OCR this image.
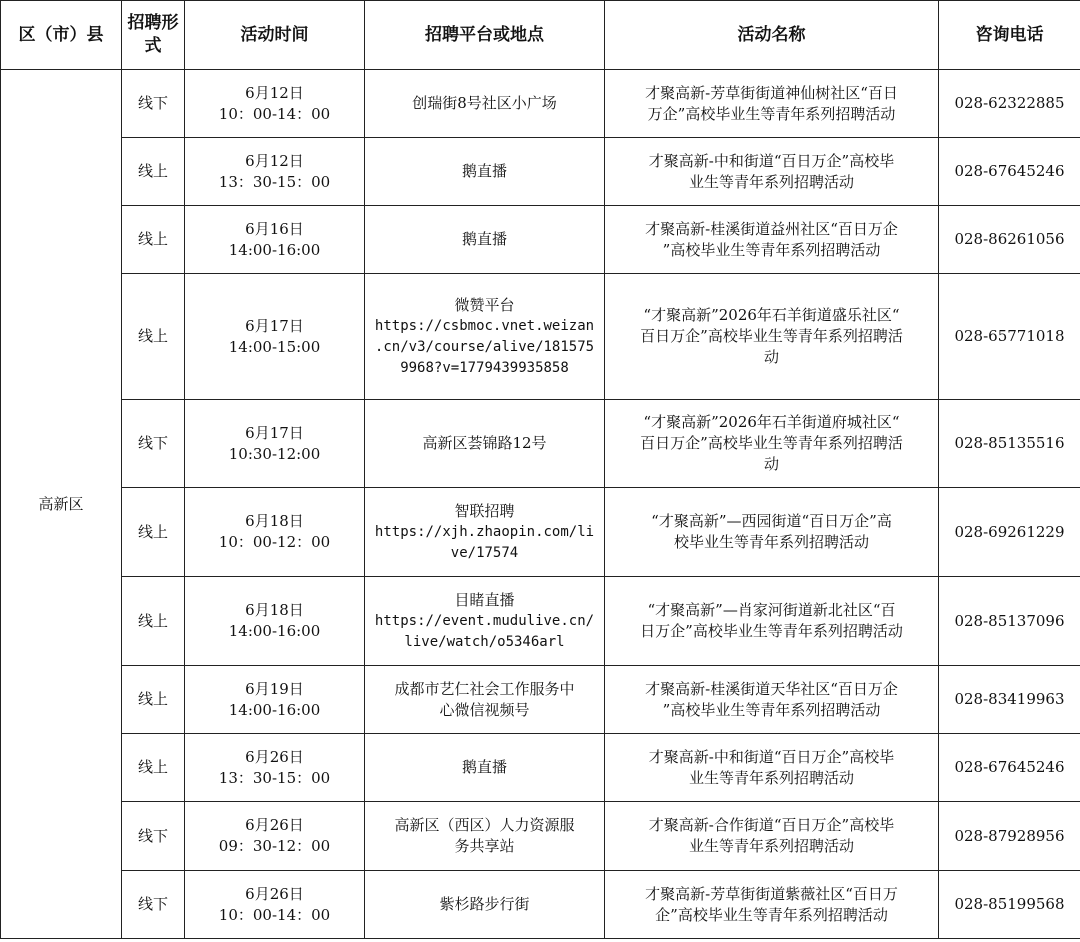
区（市）县	招聘形式	活动时间	招聘平台或地点	活动名称	咨询电话
高新区	线下	6月12日
10：00-14：00	创瑞街8号社区小广场	才聚高新-芳草街街道神仙树社区“百日
万企”高校毕业生等青年系列招聘活动	028-62322885
	线上	6月12日
13：30-15：00	鹅直播	才聚高新-中和街道“百日万企”高校毕
业生等青年系列招聘活动	028-67645246
	线上	6月16日
14:00-16:00	鹅直播	才聚高新-桂溪街道益州社区“百日万企
”高校毕业生等青年系列招聘活动	028-86261056
	线上	6月17日
14:00-15:00	微赞平台
https://csbmoc.vnet.weizan
.cn/v3/course/alive/181575
9968?v=1779439935858	“才聚高新”2026年石羊街道盛乐社区“
百日万企”高校毕业生等青年系列招聘活
动	028-65771018
	线下	6月17日
10:30-12:00	高新区荟锦路12号	“才聚高新”2026年石羊街道府城社区“
百日万企”高校毕业生等青年系列招聘活
动	028-85135516
	线上	6月18日
10：00-12：00	智联招聘
https://xjh.zhaopin.com/li
ve/17574	“才聚高新”—西园街道“百日万企”高
校毕业生等青年系列招聘活动	028-69261229
	线上	6月18日
14:00-16:00	目睹直播
https://event.mudulive.cn/
live/watch/o5346arl	“才聚高新”—肖家河街道新北社区“百
日万企”高校毕业生等青年系列招聘活动	028-85137096
	线上	6月19日
14:00-16:00	成都市艺仁社会工作服务中
心微信视频号	才聚高新-桂溪街道天华社区“百日万企
”高校毕业生等青年系列招聘活动	028-83419963
	线上	6月26日
13：30-15：00	鹅直播	才聚高新-中和街道“百日万企”高校毕
业生等青年系列招聘活动	028-67645246
	线下	6月26日
09：30-12：00	高新区（西区）人力资源服
务共享站	才聚高新-合作街道“百日万企”高校毕
业生等青年系列招聘活动	028-87928956
	线下	6月26日
10：00-14：00	紫杉路步行街	才聚高新-芳草街街道紫薇社区“百日万
企”高校毕业生等青年系列招聘活动	028-85199568
